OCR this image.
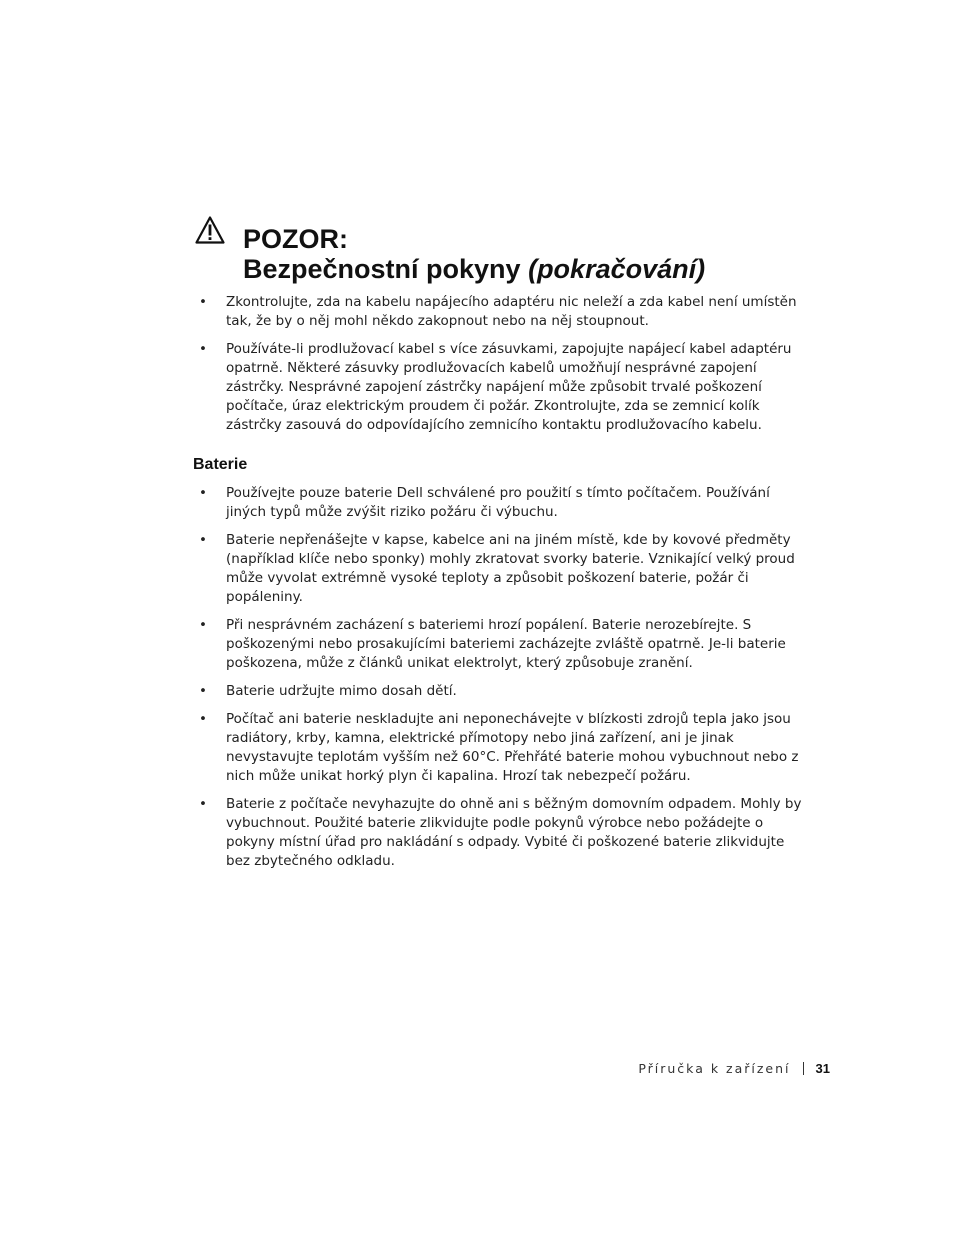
POZOR:
Bezpečnostní pokyny (pokračování)
• Zkontrolujte, zda na kabelu napájecího adaptéru nic neleží a zda kabel není umístěn tak, že by o něj mohl někdo zakopnout nebo na něj stoupnout.
• Používáte-li prodlužovací kabel s více zásuvkami, zapojujte napájecí kabel adaptéru opatrně. Některé zásuvky prodlužovacích kabelů umožňují nesprávné zapojení zástrčky. Nesprávné zapojení zástrčky napájení může způsobit trvalé poškození počítače, úraz elektrickým proudem či požár. Zkontrolujte, zda se zemnicí kolík zástrčky zasouvá do odpovídajícího zemnicího kontaktu prodlužovacího kabelu.
Baterie
• Používejte pouze baterie Dell schválené pro použití s tímto počítačem. Používání jiných typů může zvýšit riziko požáru či výbuchu.
• Baterie nepřenášejte v kapse, kabelce ani na jiném místě, kde by kovové předměty (například klíče nebo sponky) mohly zkratovat svorky baterie. Vznikající velký proud může vyvolat extrémně vysoké teploty a způsobit poškození baterie, požár či popáleniny.
• Při nesprávném zacházení s bateriemi hrozí popálení. Baterie nerozebírejte. S poškozenými nebo prosakujícími bateriemi zacházejte zvláště opatrně. Je-li baterie poškozena, může z článků unikat elektrolyt, který způsobuje zranění.
• Baterie udržujte mimo dosah dětí.
• Počítač ani baterie neskladujte ani neponechávejte v blízkosti zdrojů tepla jako jsou radiátory, krby, kamna, elektrické přímotopy nebo jiná zařízení, ani je jinak nevystavujte teplotám vyšším než 60°C. Přehřáté baterie mohou vybuchnout nebo z nich může unikat horký plyn či kapalina. Hrozí tak nebezpečí požáru.
• Baterie z počítače nevyhazujte do ohně ani s běžným domovním odpadem. Mohly by vybuchnout. Použité baterie zlikvidujte podle pokynů výrobce nebo požádejte o pokyny místní úřad pro nakládání s odpady. Vybité či poškozené baterie zlikvidujte bez zbytečného odkladu.
Příručka k zařízení 31
